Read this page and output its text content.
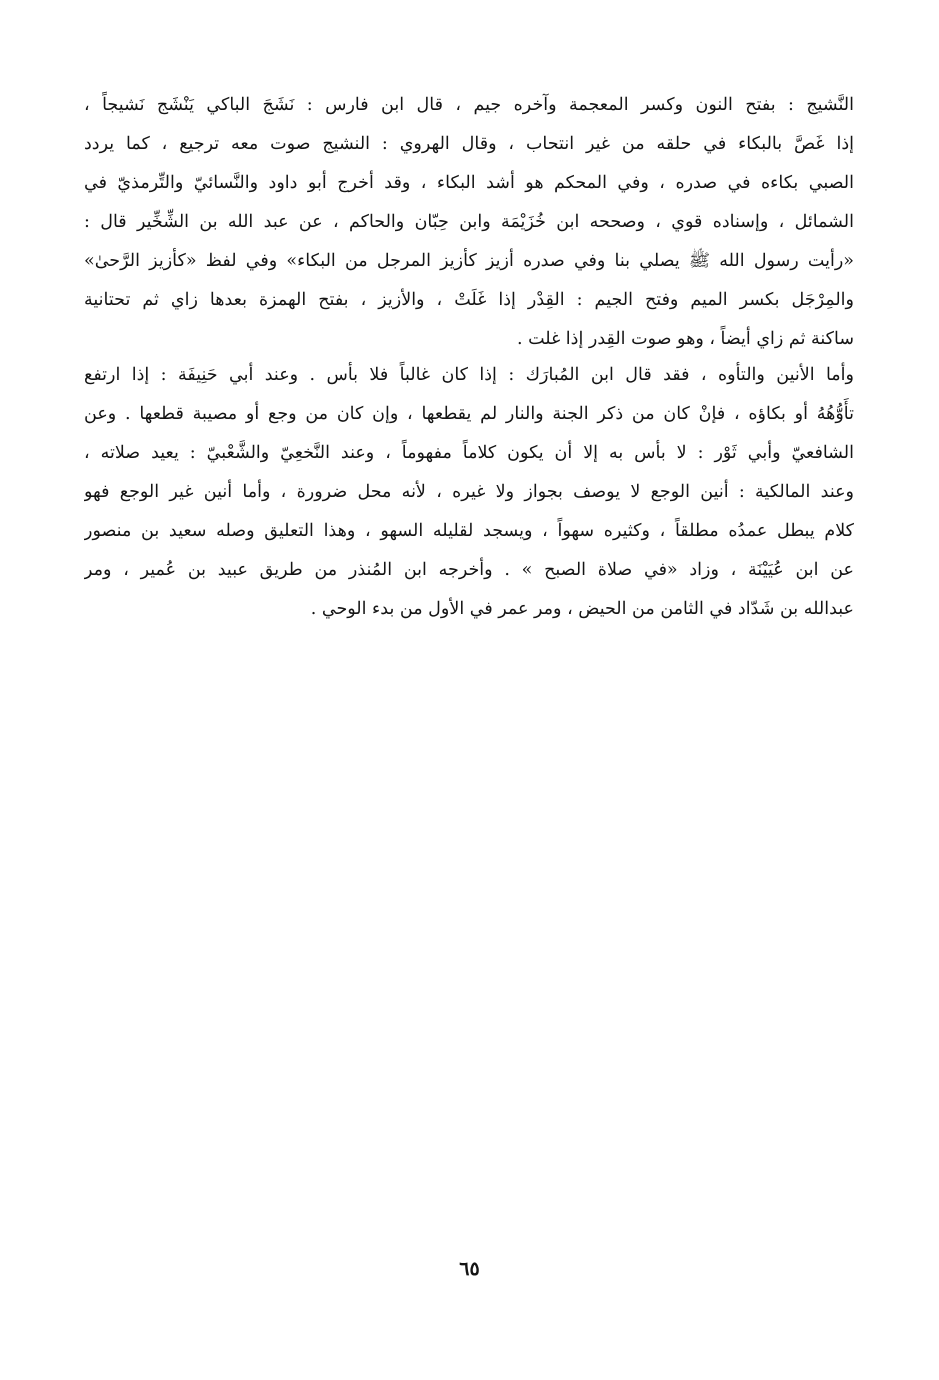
النَّشيج : بفتح النون وكسر المعجمة وآخره جيم ، قال ابن فارس : نَشَجَ الباكي يَنْشَج نَشيجاً ،
إذا غَصَّ بالبكاء في حلقه من غير انتحاب ، وقال الهروي : النشيج صوت معه ترجيع ، كما يردد
الصبي بكاءه في صدره ، وفي المحكم هو أشد البكاء ، وقد أخرج أبو داود والنَّسائيّ والتِّرمذيّ في
الشمائل ، وإسناده قوي ، وصححه ابن خُزَيْمَة وابن حِبّان والحاكم ، عن عبد الله بن الشِّخِّير قال :
«رأيت رسول الله ﷺ يصلي بنا وفي صدره أزيز كأزيز المرجل من البكاء» وفي لفظ «كأزيز الرَّحىٰ»
والمِرْجَل بكسر الميم وفتح الجيم : القِدْر إذا غَلَتْ ، والأزيز ، بفتح الهمزة بعدها زاي ثم تحتانية
ساكنة ثم زاي أيضاً ، وهو صوت القِدر إذا غلت .
وأما الأنين والتأوه ، فقد قال ابن المُبارَك : إذا كان غالباً فلا بأس . وعند أبي حَنِيفَة : إذا ارتفع
تأَوُّهُهُ أو بكاؤه ، فإنْ كان من ذكر الجنة والنار لم يقطعها ، وإن كان من وجع أو مصيبة قطعها . وعن
الشافعيّ وأبي ثَوْر : لا بأس به إلا أن يكون كلاماً مفهوماً ، وعند النَّخعِيّ والشَّعْبيّ : يعيد صلاته ،
وعند المالكية : أنين الوجع لا يوصف بجواز ولا غيره ، لأنه محل ضرورة ، وأما أنين غير الوجع فهو
كلام يبطل عمدُه مطلقاً ، وكثيره سهواً ، ويسجد لقليله السهو ، وهذا التعليق وصله سعيد بن منصور
عن ابن عُيَيْنَة ، وزاد «في صلاة الصبح » . وأخرجه ابن المُنذر من طريق عبيد بن عُمير ، ومر
عبدالله بن شَدّاد في الثامن من الحيض ، ومر عمر في الأول من بدء الوحي .
٦٥
